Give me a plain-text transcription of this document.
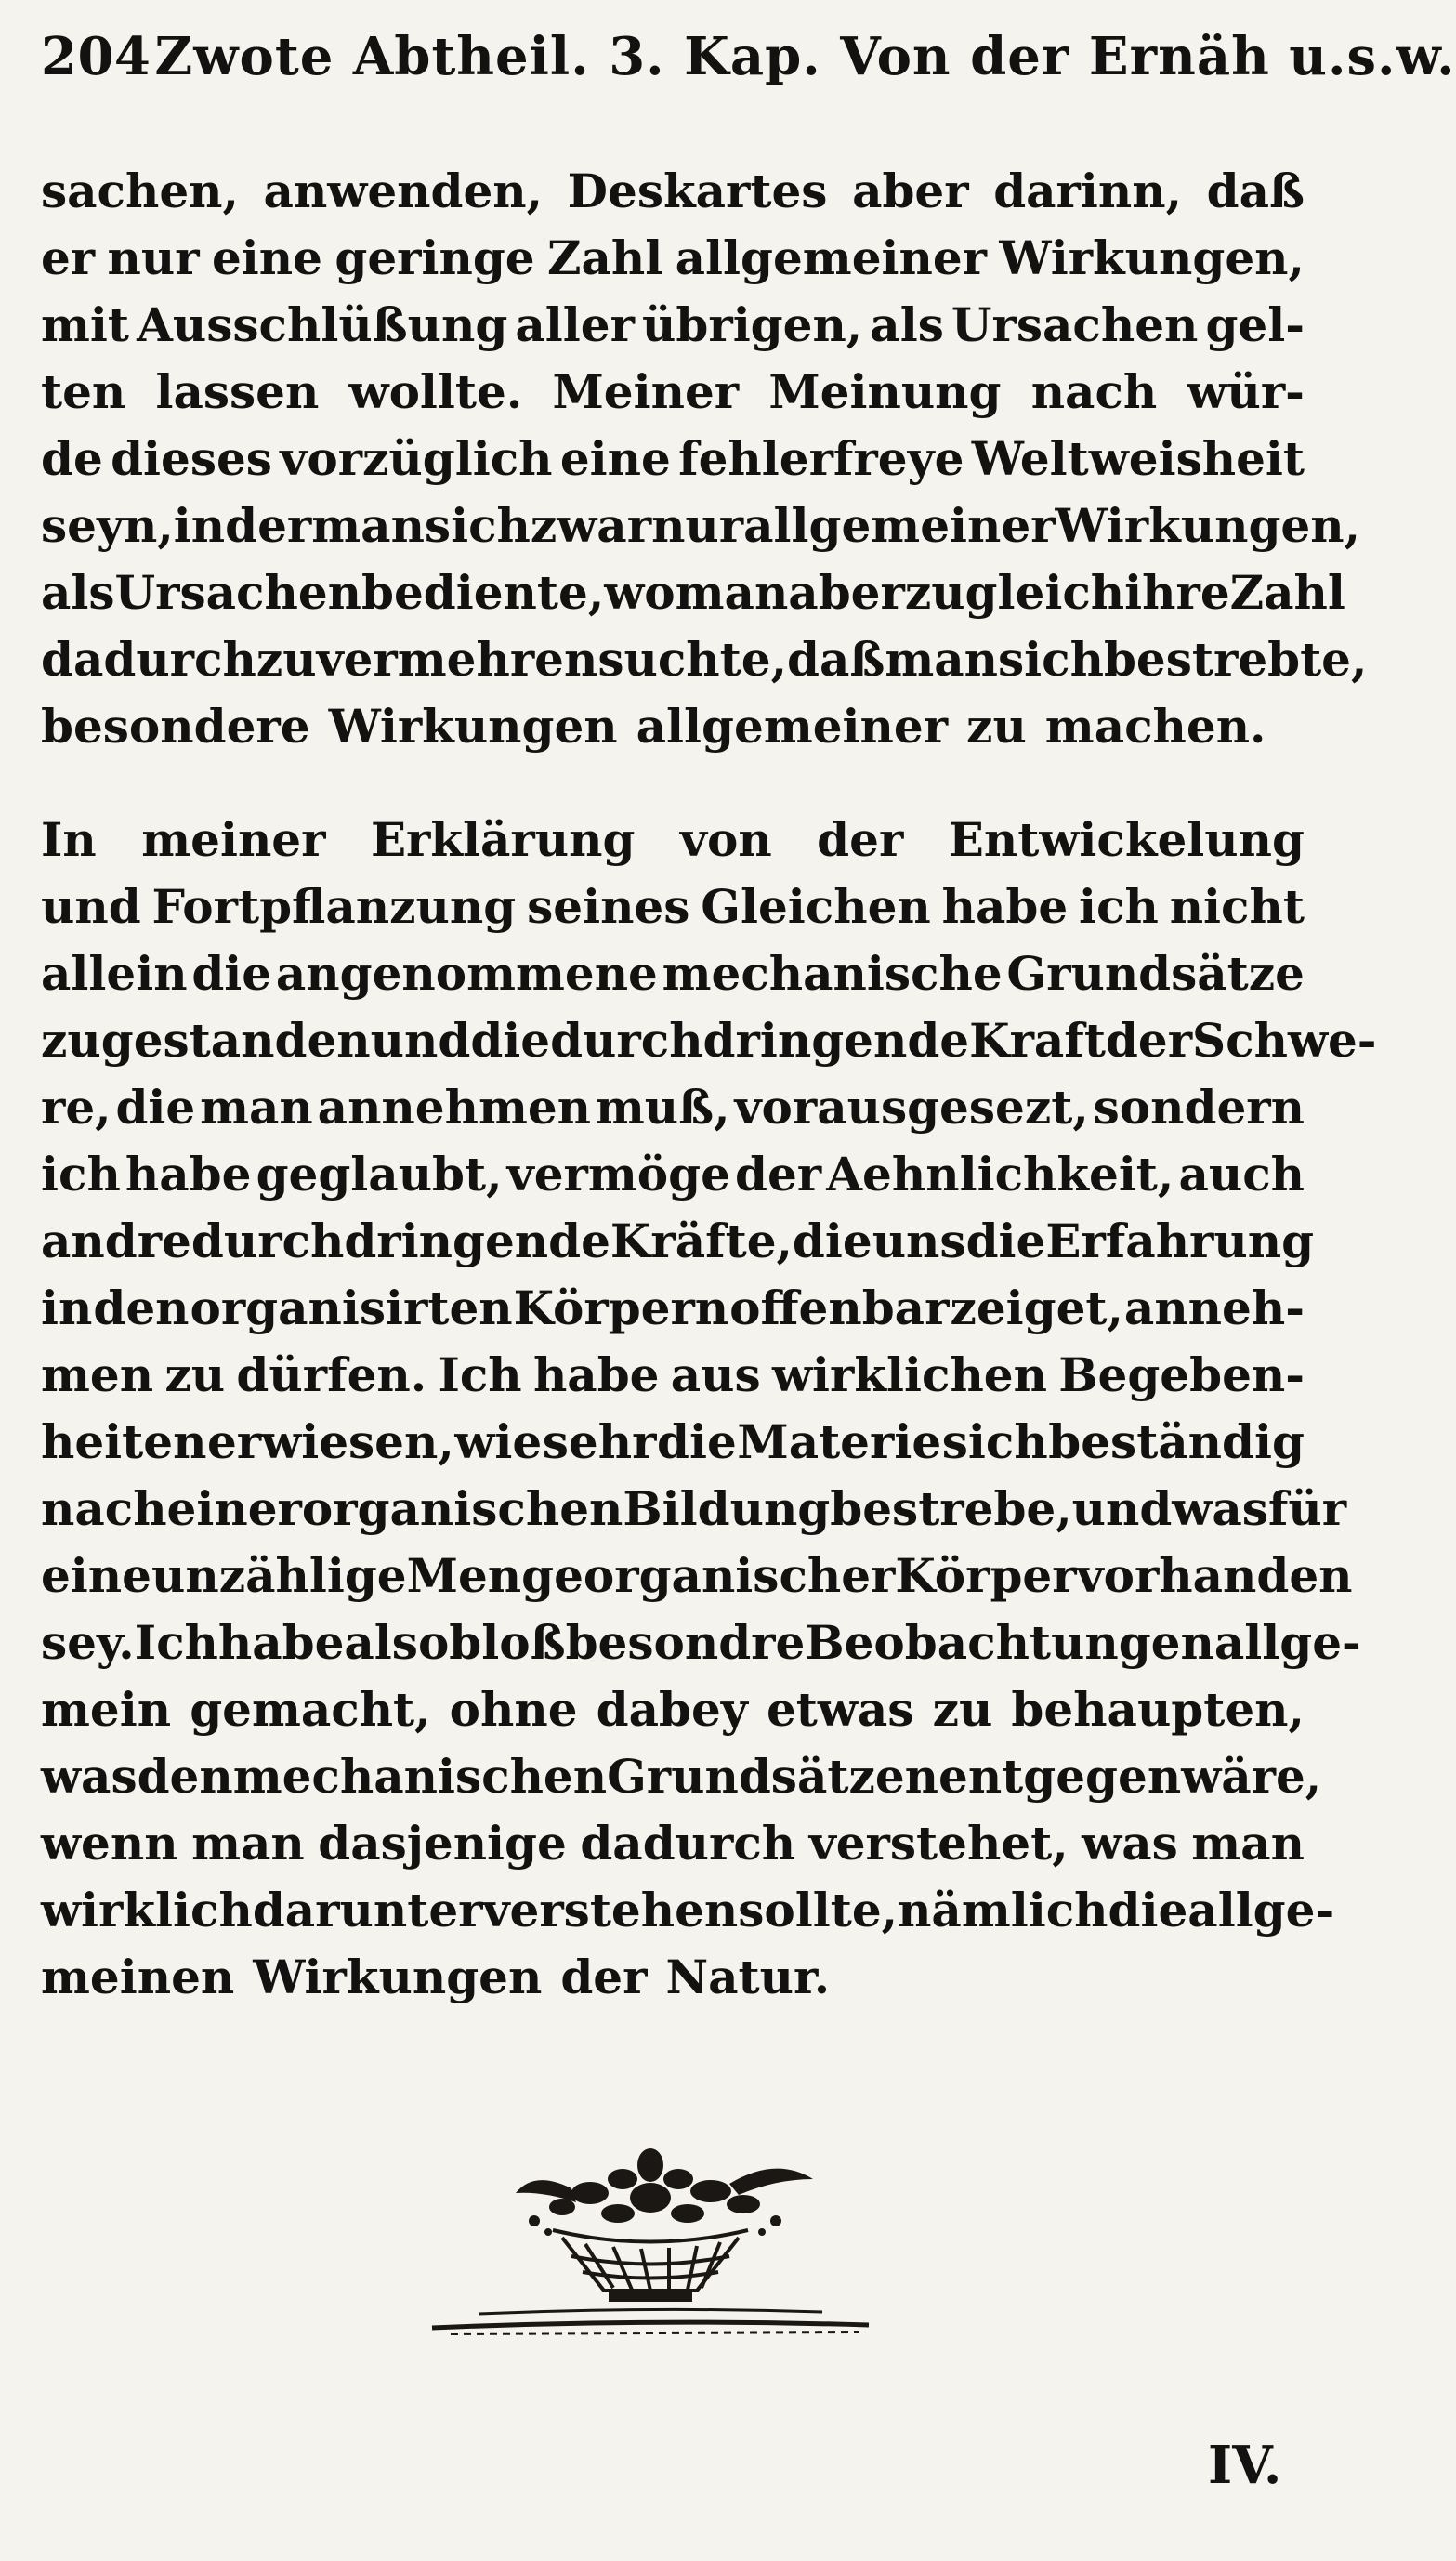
204 Zwote Abtheil. 3. Kap. Von der Ernäh u.s.w.
sachen, anwenden, Deskartes aber darinn, daß
er nur eine geringe Zahl allgemeiner Wirkungen,
mit Ausschlüßung aller übrigen, als Ursachen gel-
ten lassen wollte. Meiner Meinung nach wür-
de dieses vorzüglich eine fehlerfreye Weltweisheit
seyn, in der man sich zwar nur allgemeiner Wirkungen,
als Ursachen bediente, wo man aber zugleich ihre Zahl
dadurch zu vermehren suchte, daß man sich bestrebte,
besondere Wirkungen allgemeiner zu machen.
In meiner Erklärung von der Entwickelung
und Fortpflanzung seines Gleichen habe ich nicht
allein die angenommene mechanische Grundsätze
zugestanden und die durchdringende Kraft der Schwe-
re, die man annehmen muß, vorausgesezt, sondern
ich habe geglaubt, vermöge der Aehnlichkeit, auch
andre durchdringende Kräfte, die uns die Erfahrung
in den organisirten Körpern offenbar zeiget, anneh-
men zu dürfen. Ich habe aus wirklichen Begeben-
heiten erwiesen, wie sehr die Materie sich beständig
nach einer organischen Bildung bestrebe, und was für
eine unzählige Menge organischer Körper vorhanden
sey. Ich habe also bloß besondre Beobachtungen allge-
mein gemacht, ohne dabey etwas zu behaupten,
was den mechanischen Grundsätzen entgegen wäre,
wenn man dasjenige dadurch verstehet, was man
wirklich darunter verstehen sollte, nämlich die allge-
meinen Wirkungen der Natur.
IV.
